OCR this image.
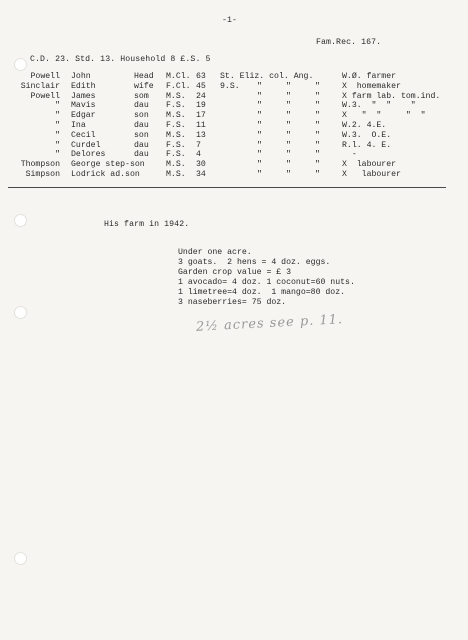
-1-
Fam.Rec. 167.
C.D. 23. Std. 13. Household 8 £.S. 5
Powell John	Head M.Cl. 63 St. Eliz. col. Ang.	W.Ø. farmer
Sinclair Edith	wife F.Cl. 45 9.S. "	"	"	X  homemaker
Powell James	som M.S. 24	"	"	"	X farm lab. tom.ind.
" Mavis	dau F.S. 19	"	"	"	W.3.  "  "    "
" Edgar	son M.S. 17	"	"	"	X   "  "     "  "
" Ina	dau F.S. 11	"	"	"	W.2. 4.E.
" Cecil	son M.S. 13	"	"	"	W.3.  O.E.
" Curdel	dau F.S. 7	"	"	"	R.l. 4. E.
" Delores	dau F.S. 4	"	"	"	-
Thompson George step-son	M.S. 30	"	"	"	X  labourer
Simpson Lodrick ad.son	M.S. 34	"	"	"	X   labourer
His farm in 1942.
Under one acre.
3 goats.  2 hens = 4 doz. eggs.
Garden crop value = £ 3
1 avocado= 4 doz. 1 coconut=60 nuts.
1 limetree=4 doz.  1 mango=80 doz.
3 naseberries= 75 doz.
2½ acres see p. 11.
